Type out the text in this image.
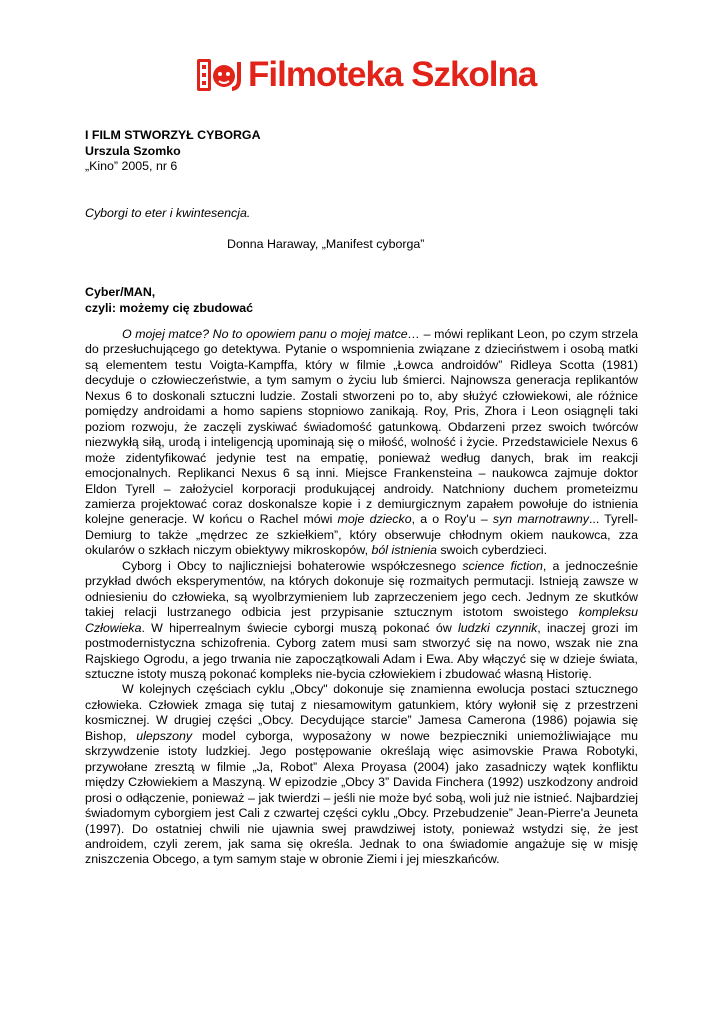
Filmoteka Szkolna
I FILM STWORZYŁ CYBORGA
Urszula Szomko
„Kino” 2005, nr 6
Cyborgi to eter i kwintesencja.
Donna Haraway, „Manifest cyborga”
Cyber/MAN,
czyli: możemy cię zbudować

O mojej matce? No to opowiem panu o mojej matce… – mówi replikant Leon, po czym strzela do przesłuchującego go detektywa. Pytanie o wspomnienia związane z dzieciństwem i osobą matki są elementem testu Voigta-Kampffa, który w filmie „Łowca androidów” Ridleya Scotta (1981) decyduje o człowieczeństwie, a tym samym o życiu lub śmierci. Najnowsza generacja replikantów Nexus 6 to doskonali sztuczni ludzie. Zostali stworzeni po to, aby służyć człowiekowi, ale różnice pomiędzy androidami a homo sapiens stopniowo zanikają. Roy, Pris, Zhora i Leon osiągnęli taki poziom rozwoju, że zaczęli zyskiwać świadomość gatunkową. Obdarzeni przez swoich twórców niezwykłą siłą, urodą i inteligencją upominają się o miłość, wolność i życie. Przedstawiciele Nexus 6 może zidentyfikować jedynie test na empatię, ponieważ według danych, brak im reakcji emocjonalnych. Replikanci Nexus 6 są inni. Miejsce Frankensteina – naukowca zajmuje doktor Eldon Tyrell – założyciel korporacji produkującej androidy. Natchniony duchem prometeizmu zamierza projektować coraz doskonalsze kopie i z demiurgicznym zapałem powołuje do istnienia kolejne generacje. W końcu o Rachel mówi moje dziecko, a o Roy'u – syn marnotrawny... Tyrell-Demiurg to także „mędrzec ze szkiełkiem”, który obserwuje chłodnym okiem naukowca, zza okularów o szkłach niczym obiektywy mikroskopów, ból istnienia swoich cyberdzieci.

Cyborg i Obcy to najliczniejsi bohaterowie współczesnego science fiction, a jednocześnie przykład dwóch eksperymentów, na których dokonuje się rozmaitych permutacji. Istnieją zawsze w odniesieniu do człowieka, są wyolbrzymieniem lub zaprzeczeniem jego cech. Jednym ze skutków takiej relacji lustrzanego odbicia jest przypisanie sztucznym istotom swoistego kompleksu Człowieka. W hiperrealnym świecie cyborgi muszą pokonać ów ludzki czynnik, inaczej grozi im postmodernistyczna schizofrenia. Cyborg zatem musi sam stworzyć się na nowo, wszak nie zna Rajskiego Ogrodu, a jego trwania nie zapoczątkowali Adam i Ewa. Aby włączyć się w dzieje świata, sztuczne istoty muszą pokonać kompleks nie-bycia człowiekiem i zbudować własną Historię.

W kolejnych częściach cyklu „Obcy" dokonuje się znamienna ewolucja postaci sztucznego człowieka. Człowiek zmaga się tutaj z niesamowitym gatunkiem, który wyłonił się z przestrzeni kosmicznej. W drugiej części „Obcy. Decydujące starcie” Jamesa Camerona (1986) pojawia się Bishop, ulepszony model cyborga, wyposażony w nowe bezpieczniki uniemożliwiające mu skrzywdzenie istoty ludzkiej. Jego postępowanie określają więc asimovskie Prawa Robotyki, przywołane zresztą w filmie „Ja, Robot” Alexa Proyasa (2004) jako zasadniczy wątek konfliktu między Człowiekiem a Maszyną. W epizodzie „Obcy 3” Davida Finchera (1992) uszkodzony android prosi o odłączenie, ponieważ – jak twierdzi – jeśli nie może być sobą, woli już nie istnieć. Najbardziej świadomym cyborgiem jest Cali z czwartej części cyklu „Obcy. Przebudzenie” Jean-Pierre'a Jeuneta (1997). Do ostatniej chwili nie ujawnia swej prawdziwej istoty, ponieważ wstydzi się, że jest androidem, czyli zerem, jak sama się określa. Jednak to ona świadomie angażuje się w misję zniszczenia Obcego, a tym samym staje w obronie Ziemi i jej mieszkańców.
